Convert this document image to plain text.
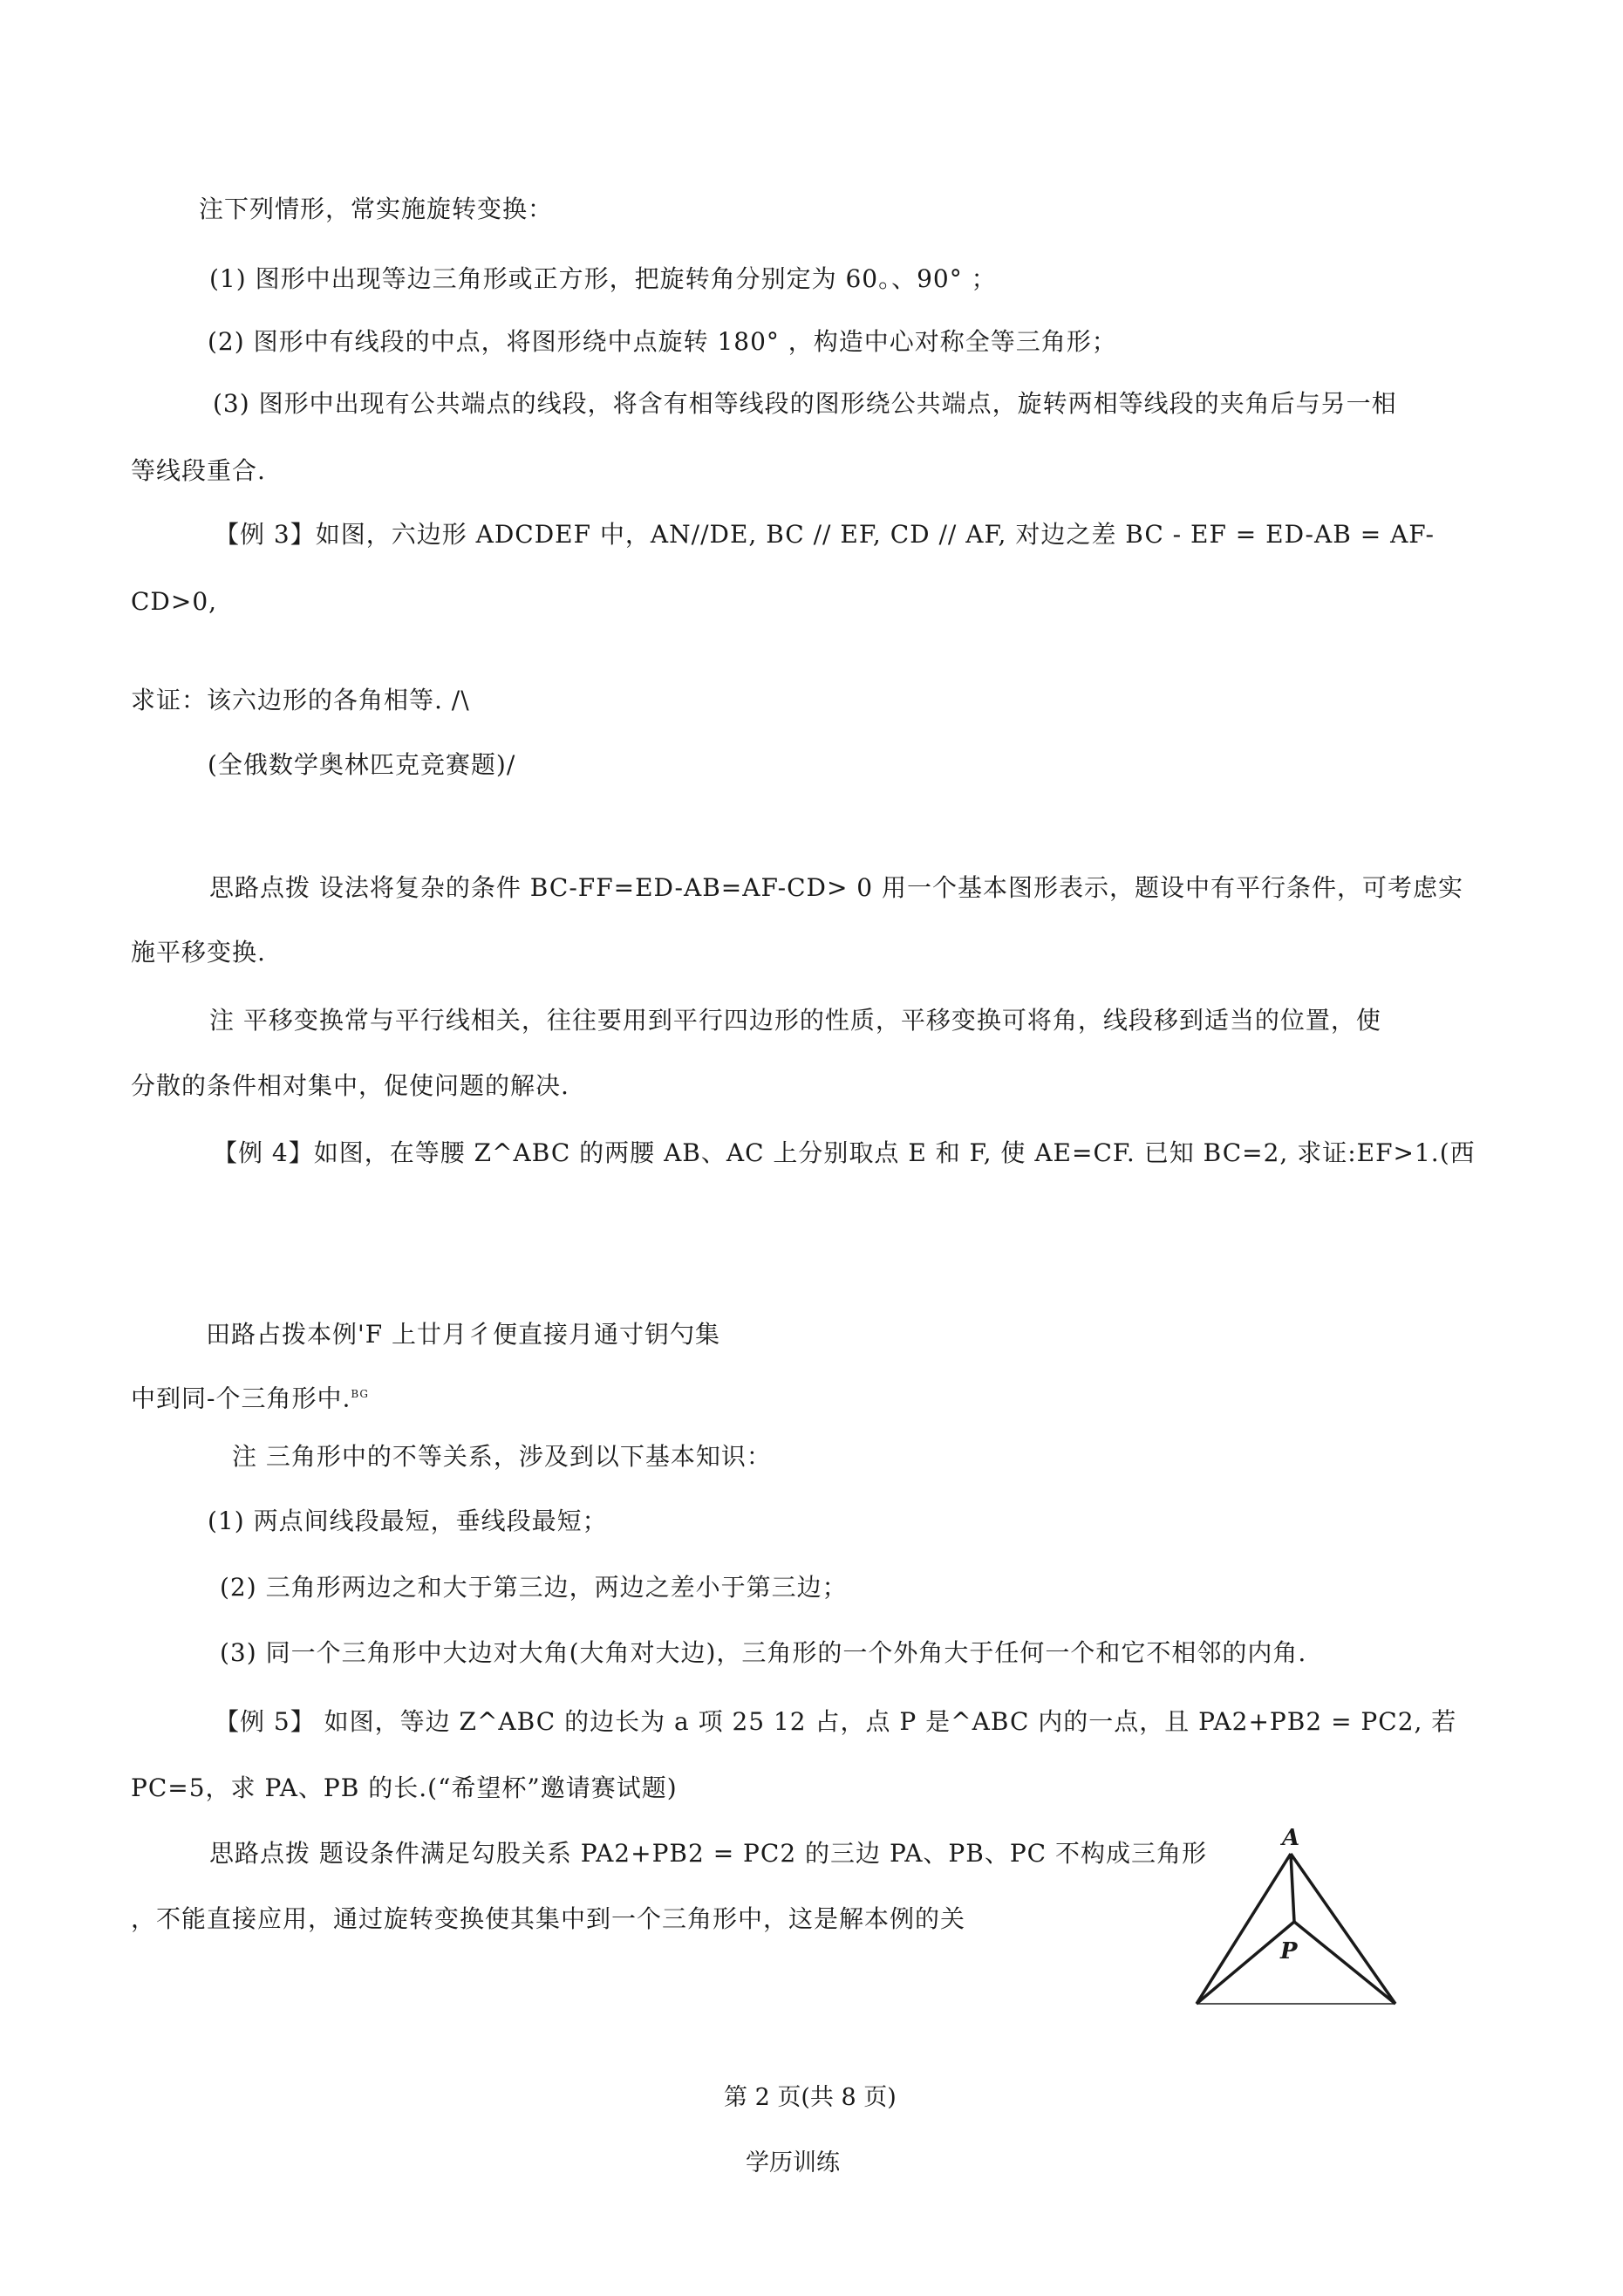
注下列情形，常实施旋转变换：
(1) 图形中出现等边三角形或正方形，把旋转角分别定为 60。、90° ；
(2) 图形中有线段的中点，将图形绕中点旋转 180° ，构造中心对称全等三角形；
(3) 图形中出现有公共端点的线段，将含有相等线段的图形绕公共端点，旋转两相等线段的夹角后与另一相
等线段重合.
【例 3】如图，六边形 ADCDEF 中，AN//DE, BC // EF, CD // AF, 对边之差 BC - EF = ED-AB = AF-
CD>0,
求证：该六边形的各角相等. /\
(全俄数学奥林匹克竞赛题)/
思路点拨 设法将复杂的条件 BC-FF=ED-AB=AF-CD> 0 用一个基本图形表示，题设中有平行条件，可考虑实
施平移变换.
注 平移变换常与平行线相关，往往要用到平行四边形的性质，平移变换可将角，线段移到适当的位置，使
分散的条件相对集中，促使问题的解决.
【例 4】如图，在等腰 Z^ABC 的两腰 AB、AC 上分别取点 E 和 F, 使 AE=CF. 已知 BC=2, 求证:EF>1.(西
田路占拨本例'F 上廿月彳便直接月通寸钥勺集
中到同-个三角形中.$^{BG}$
注 三角形中的不等关系，涉及到以下基本知识：
(1) 两点间线段最短，垂线段最短；
(2) 三角形两边之和大于第三边，两边之差小于第三边；
(3) 同一个三角形中大边对大角(大角对大边)，三角形的一个外角大于任何一个和它不相邻的内角.
【例 5】 如图，等边 Z^ABC 的边长为 a 项 25 12 占，点 P 是^ABC 内的一点，且 PA2+PB2 = PC2, 若
PC=5，求 PA、PB 的长.(“希望杯”邀请赛试题)
思路点拨 题设条件满足勾股关系 PA2+PB2 = PC2 的三边 PA、PB、PC 不构成三角形
，不能直接应用，通过旋转变换使其集中到一个三角形中，这是解本例的关
A
P
第 2 页(共 8 页)
学历训练
